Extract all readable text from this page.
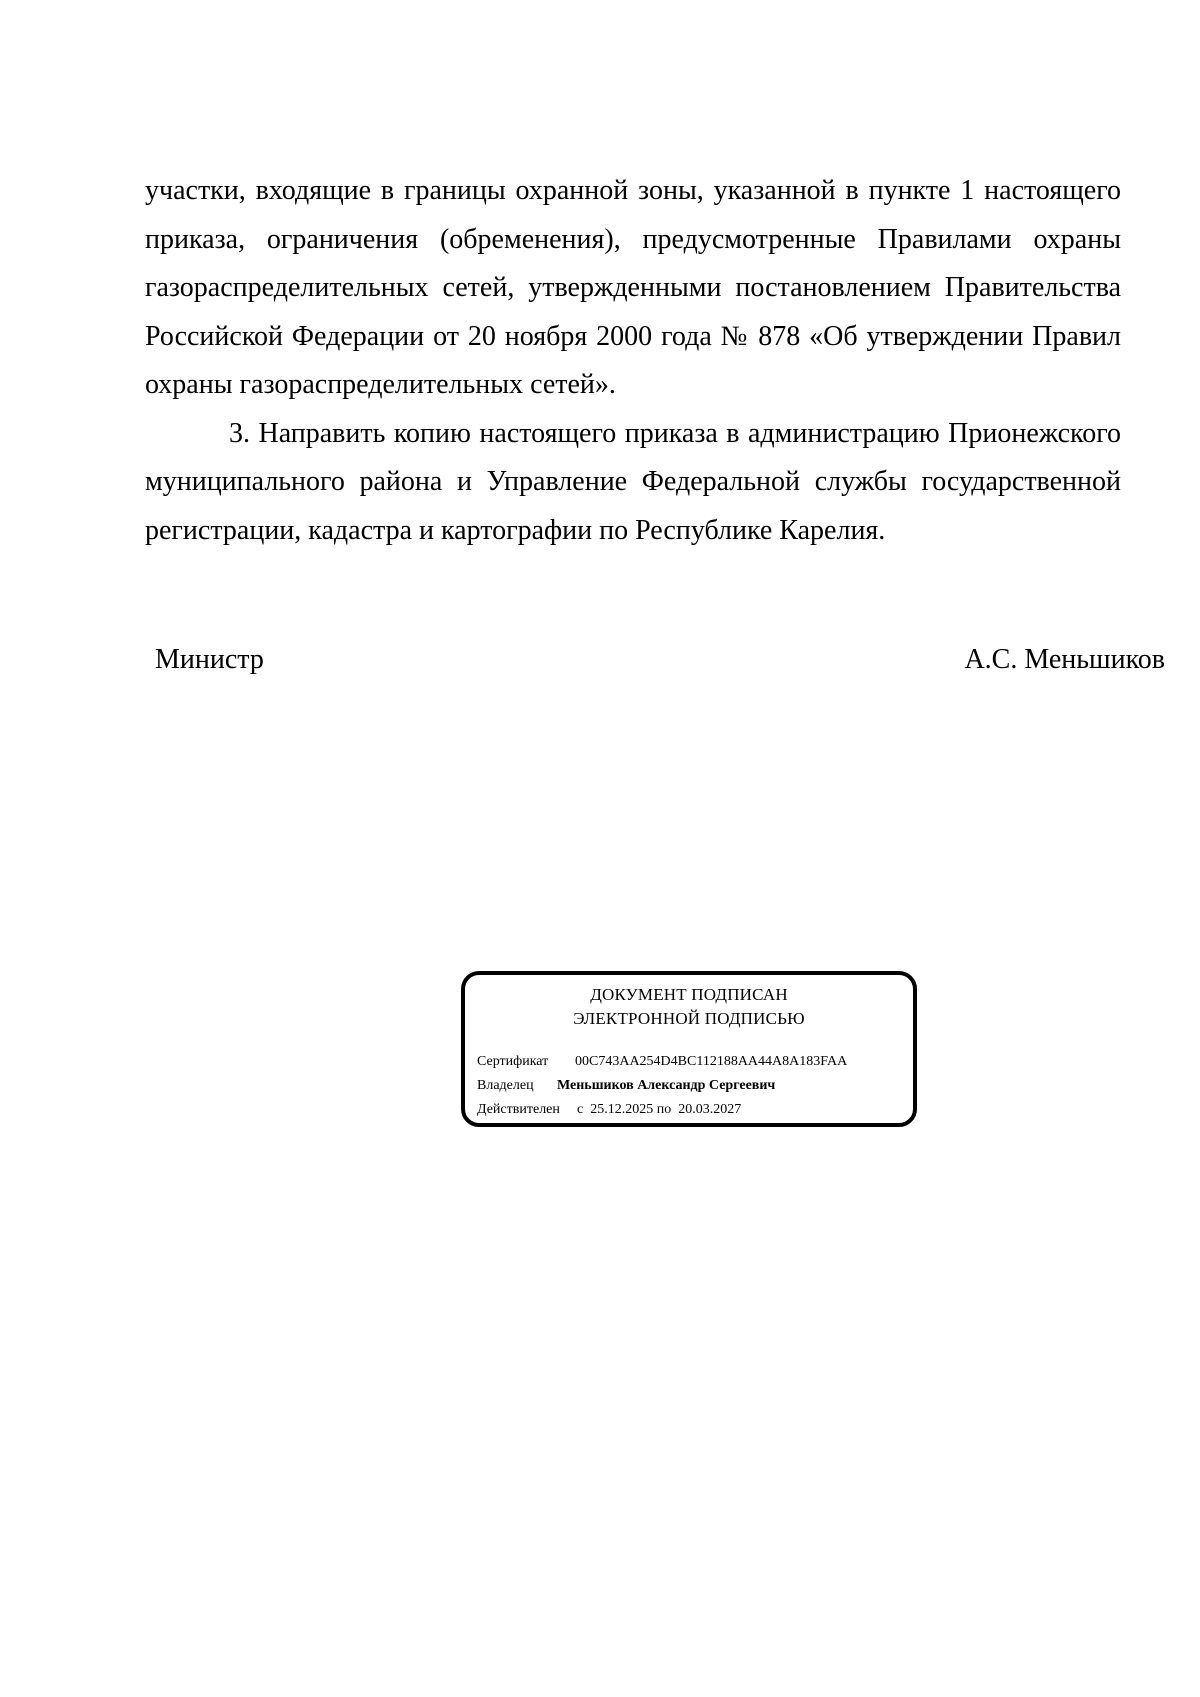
участки, входящие в границы охранной зоны, указанной в пункте 1 настоящего приказа, ограничения (обременения), предусмотренные Правилами охраны газораспределительных сетей, утвержденными постановлением Правительства Российской Федерации от 20 ноября 2000 года № 878 «Об утверждении Правил охраны газораспределительных сетей».

3. Направить копию настоящего приказа в администрацию Прионежского муниципального района и Управление Федеральной службы государственной регистрации, кадастра и картографии по Республике Карелия.

Министр	А.С. Меньшиков
ДОКУМЕНТ ПОДПИСАН
ЭЛЕКТРОННОЙ ПОДПИСЬЮ
Сертификат 00C743AA254D4BC112188AA44A8A183FAA
Владелец Меньшиков Александр Сергеевич
Действителен с 25.12.2025 по 20.03.2027
